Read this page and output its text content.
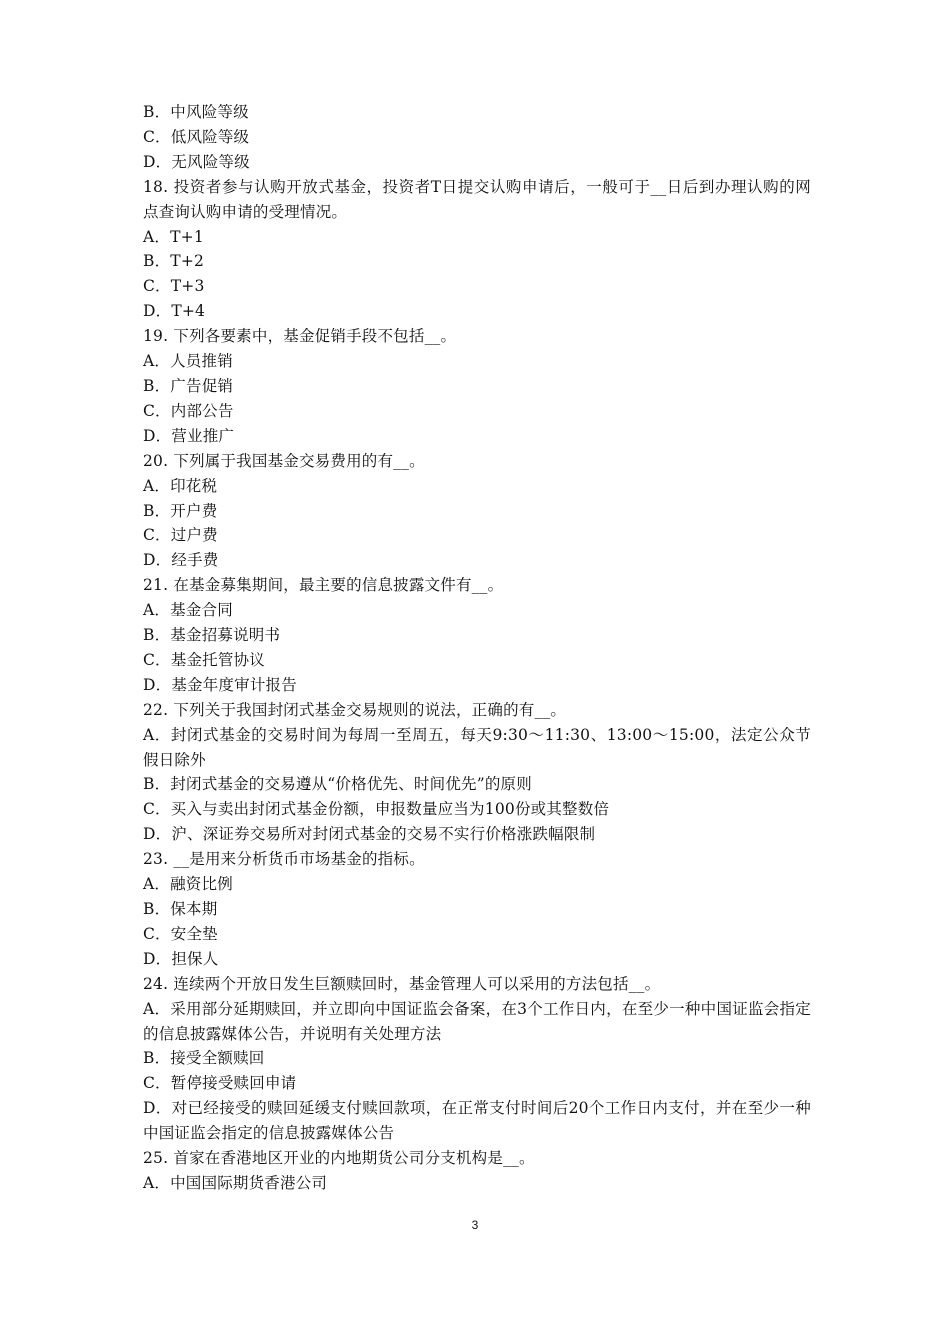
B．中风险等级
C．低风险等级
D．无风险等级
18. 投资者参与认购开放式基金，投资者T日提交认购申请后，一般可于__日后到办理认购的网点查询认购申请的受理情况。
A．T+1
B．T+2
C．T+3
D．T+4
19. 下列各要素中，基金促销手段不包括__。
A．人员推销
B．广告促销
C．内部公告
D．营业推广
20. 下列属于我国基金交易费用的有__。
A．印花税
B．开户费
C．过户费
D．经手费
21. 在基金募集期间，最主要的信息披露文件有__。
A．基金合同
B．基金招募说明书
C．基金托管协议
D．基金年度审计报告
22. 下列关于我国封闭式基金交易规则的说法，正确的有__。
A．封闭式基金的交易时间为每周一至周五，每天9:30～11:30、13:00～15:00，法定公众节假日除外
B．封闭式基金的交易遵从“价格优先、时间优先”的原则
C．买入与卖出封闭式基金份额，申报数量应当为100份或其整数倍
D．沪、深证券交易所对封闭式基金的交易不实行价格涨跌幅限制
23. __是用来分析货币市场基金的指标。
A．融资比例
B．保本期
C．安全垫
D．担保人
24. 连续两个开放日发生巨额赎回时，基金管理人可以采用的方法包括__。
A．采用部分延期赎回，并立即向中国证监会备案，在3个工作日内，在至少一种中国证监会指定的信息披露媒体公告，并说明有关处理方法
B．接受全额赎回
C．暂停接受赎回申请
D．对已经接受的赎回延缓支付赎回款项，在正常支付时间后20个工作日内支付，并在至少一种中国证监会指定的信息披露媒体公告
25. 首家在香港地区开业的内地期货公司分支机构是__。
A．中国国际期货香港公司
3
